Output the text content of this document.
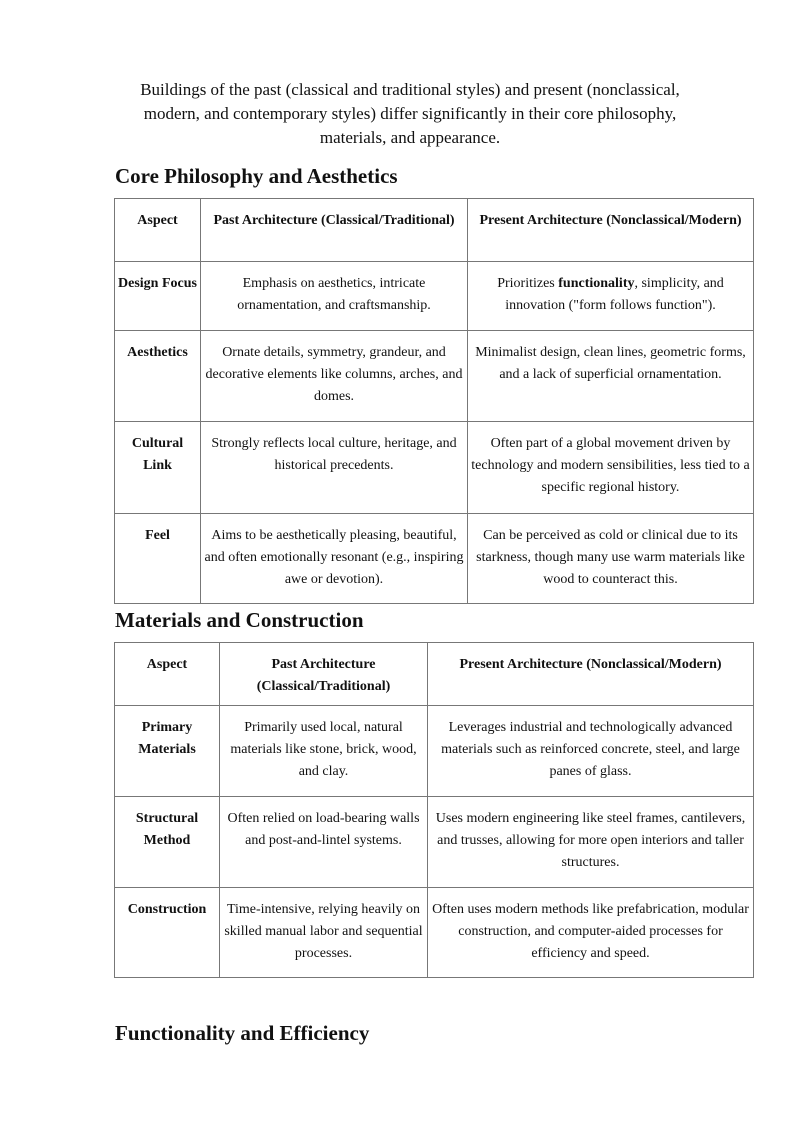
Buildings of the past (classical and traditional styles) and present (nonclassical, modern, and contemporary styles) differ significantly in their core philosophy, materials, and appearance.

Core Philosophy and Aesthetics
Aspect	Past Architecture (Classical/Traditional)	Present Architecture (Nonclassical/Modern)
Design Focus	Emphasis on aesthetics, intricate ornamentation, and craftsmanship.	Prioritizes functionality, simplicity, and innovation ("form follows function").
Aesthetics	Ornate details, symmetry, grandeur, and decorative elements like columns, arches, and domes.	Minimalist design, clean lines, geometric forms, and a lack of superficial ornamentation.
Cultural Link	Strongly reflects local culture, heritage, and historical precedents.	Often part of a global movement driven by technology and modern sensibilities, less tied to a specific regional history.
Feel	Aims to be aesthetically pleasing, beautiful, and often emotionally resonant (e.g., inspiring awe or devotion).	Can be perceived as cold or clinical due to its starkness, though many use warm materials like wood to counteract this.
Materials and Construction
Aspect	Past Architecture (Classical/Traditional)	Present Architecture (Nonclassical/Modern)
Primary Materials	Primarily used local, natural materials like stone, brick, wood, and clay.	Leverages industrial and technologically advanced materials such as reinforced concrete, steel, and large panes of glass.
Structural Method	Often relied on load-bearing walls and post-and-lintel systems.	Uses modern engineering like steel frames, cantilevers, and trusses, allowing for more open interiors and taller structures.
Construction	Time-intensive, relying heavily on skilled manual labor and sequential processes.	Often uses modern methods like prefabrication, modular construction, and computer-aided processes for efficiency and speed.
Functionality and Efficiency
